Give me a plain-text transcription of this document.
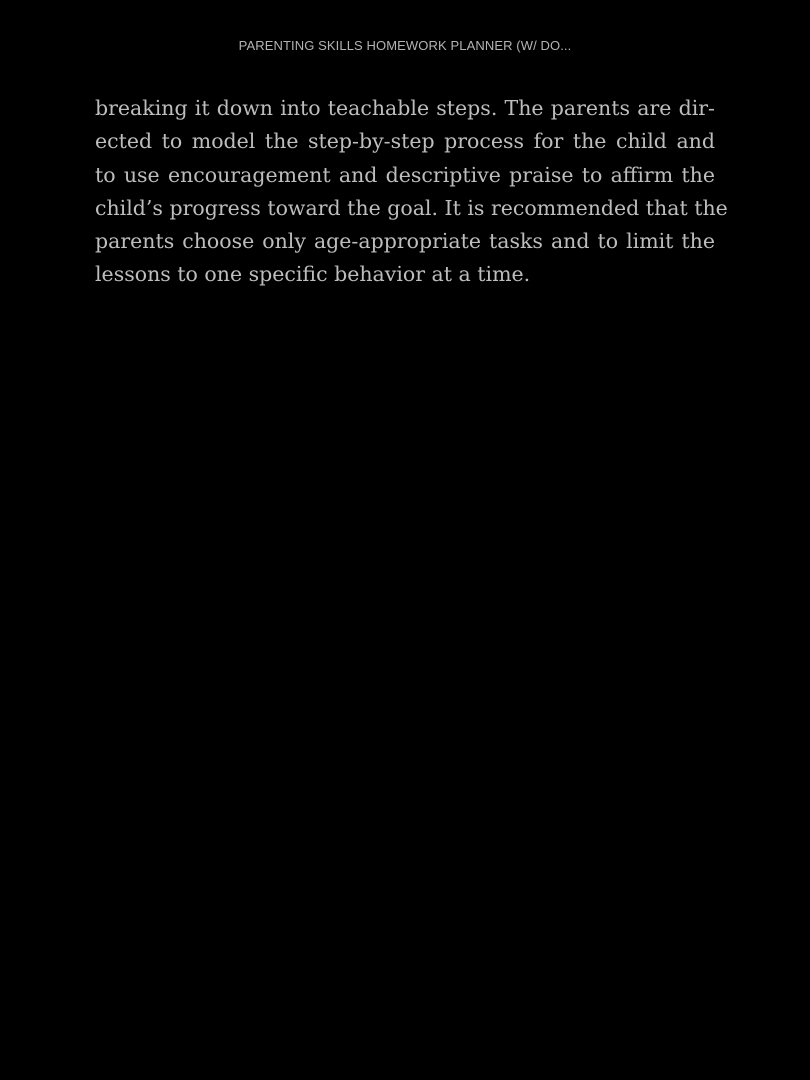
PARENTING SKILLS HOMEWORK PLANNER (W/ DO...
breaking it down into teachable steps. The parents are dir-
ected to model the step-by-step process for the child and
to use encouragement and descriptive praise to affirm the
child’s progress toward the goal. It is recommended that the
parents choose only age-appropriate tasks and to limit the
lessons to one specific behavior at a time.
